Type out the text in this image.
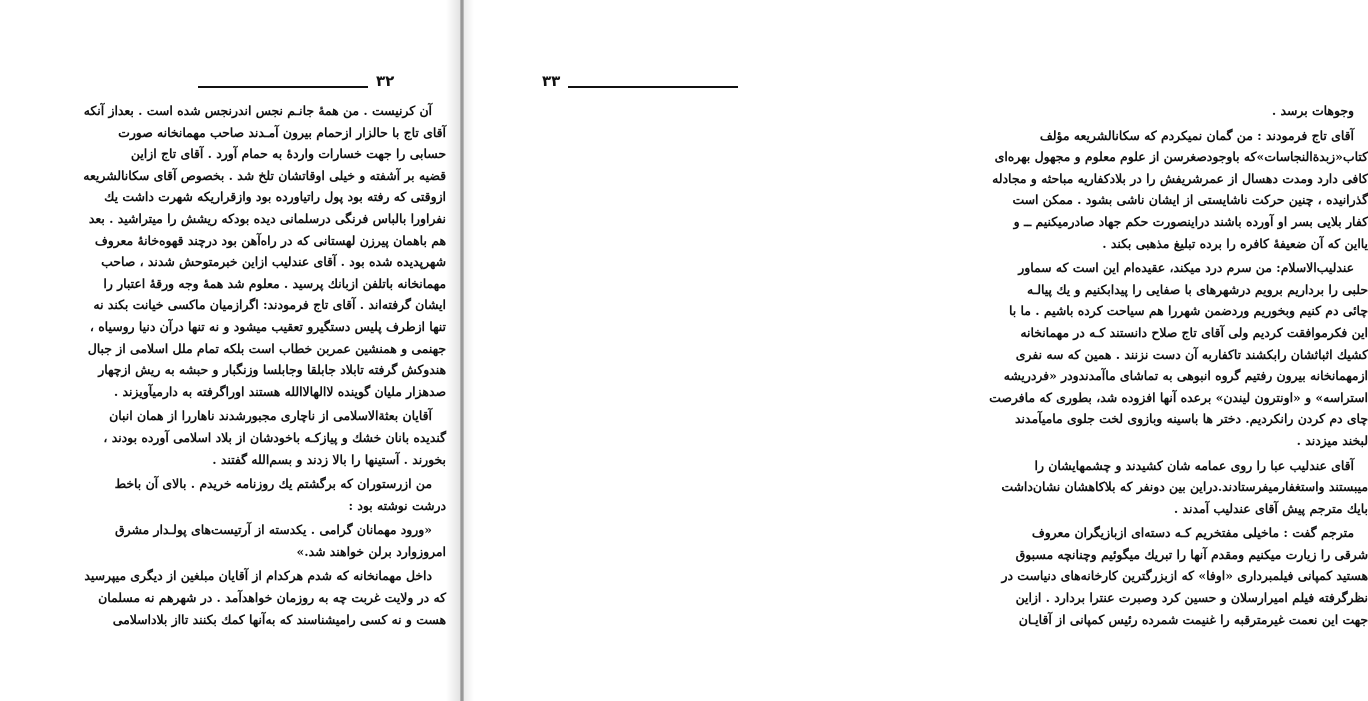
۳۲
آن کرنیست . من همهٔ جانـم نجس اندرنجس شده است . بعداز آنکه
آقای تاج با حالزار ازحمام بیرون آمـدند صاحب مهمانخانه صورت
حسابی را جهت خسارات واردهٔ به حمام آورد . آقای تاج ازاین
قضیه بر آشفته و خیلی اوقاتشان تلخ شد . بخصوص آقای سکانالشریعه
ازوقتی که رفته بود پول راتیاورده بود وازقراریکه شهرت داشت یك
نفراورا بالباس فرنگی درسلمانی دیده بودکه ریشش را میتراشید . بعد
هم باهمان پیرزن لهستانی که در راه‌آهن بود درچند قهوه‌خانهٔ معروف
شهرپدیده شده بود . آقای عندلیب ازاین خبرمتوحش شدند ، صاحب
مهمانخانه باتلفن ازبانك پرسید . معلوم شد همهٔ وجه ورقهٔ اعتبار را
ایشان گرفته‌اند . آقای تاج فرمودند: اگرازمیان ماکسی خیانت بکند نه
تنها ازطرف پلیس دستگیرو تعقیب میشود و نه تنها درآن دنیا روسیاه ،
جهنمی و همنشین عمربن خطاب است بلکه تمام ملل اسلامی از جبال
هندوکش گرفته تابلاد جابلقا وجابلسا وزنگبار و حبشه به ریش ازچهار
صدهزار ملیان گوینده لاالهالاالله هستند اوراگرفته به دارمیآویزند .
آقایان بعثةالاسلامی از ناچاری مجبورشدند ناهاررا از همان انبان
گندیده بانان خشك و پیازکـه باخودشان از بلاد اسلامی آورده بودند ،
بخورند . آستینها را بالا زدند و بسم‌الله گفتند .
من ازرستوران که برگشتم یك روزنامه خریدم . بالای آن باخط
درشت نوشته بود :
«ورود مهمانان گرامی . یکدسته از آرتیست‌های پولـدار مشرق
امروزوارد برلن خواهند شد.»
داخل مهمانخانه که شدم هرکدام از آقایان مبلغین از دیگری میپرسید
که در ولایت غربت چه به روزمان خواهدآمد . در شهرهم نه مسلمان
هست و نه کسی رامیشناسند که به‌آنها کمك بکنند تااز بلاداسلامی
۳۳
وجوهات برسد .
آقای تاج فرمودند : من گمان نمیکردم که سکانالشریعه مؤلف
کتاب«زبدةالنجاسات»که باوجودصغرسن از علوم معلوم و مجهول بهره‌ای
کافی دارد ومدت دهسال از عمرشریفش را در بلادکفاریه مباحثه و مجادله
گذرانیده ، چنین حرکت ناشایستی از ایشان ناشی بشود . ممکن است
کفار بلایی بسر او آورده باشند دراینصورت حکم جهاد صادرمیکنیم ــ و
یااین که آن ضعیفهٔ کافره را برده تبلیغ مذهبی بکند .
عندلیب‌الاسلام: من سرم درد میکند، عقیده‌ام این است که سماور
حلبی را برداریم برویم درشهرهای با صفایی را پیدابکنیم و یك پیالـه
چائی دم کنیم وبخوریم وردضمن شهررا هم سیاحت کرده باشیم . ما با
این فکرموافقت کردیم ولی آقای تاج صلاح دانستند کـه در مهمانخانه
کشیك اثباثشان رابکشند تاکفاربه آن دست نزنند . همین که سه نفری
ازمهمانخانه بیرون رفتیم گروه انبوهی به تماشای ماآمدندودر «فردریشه
استراسه» و «اونترون لیندن» برعده آنها افزوده شد، بطوری که مافرصت
چای دم کردن رانکردیم. دختر ها باسینه وبازوی لخت جلوی مامیآمدند
لبخند میزدند .
آقای عندلیب عبا را روی عمامه شان کشیدند و چشمهایشان را
میبستند واستغفارمیفرستادند.دراین بین دونفر که بلاکاهشان نشان‌داشت
بایك مترجم پیش آقای عندلیب آمدند .
مترجم گفت : ماخیلی مفتخریم کـه دسته‌ای ازبازیگران معروف
شرقی را زیارت میکنیم ومقدم آنها را تبریك میگوئیم وچنانچه مسبوق
هستید کمپانی فیلمبرداری «اوفا» که ازبزرگترین کارخانه‌های دنیاست در
نظرگرفته فیلم امیرارسلان و حسین کرد وصبرت عنترا بردارد . ازاین
جهت این نعمت غیرمترقبه را غنیمت شمرده رئیس کمپانی از آقایـان
